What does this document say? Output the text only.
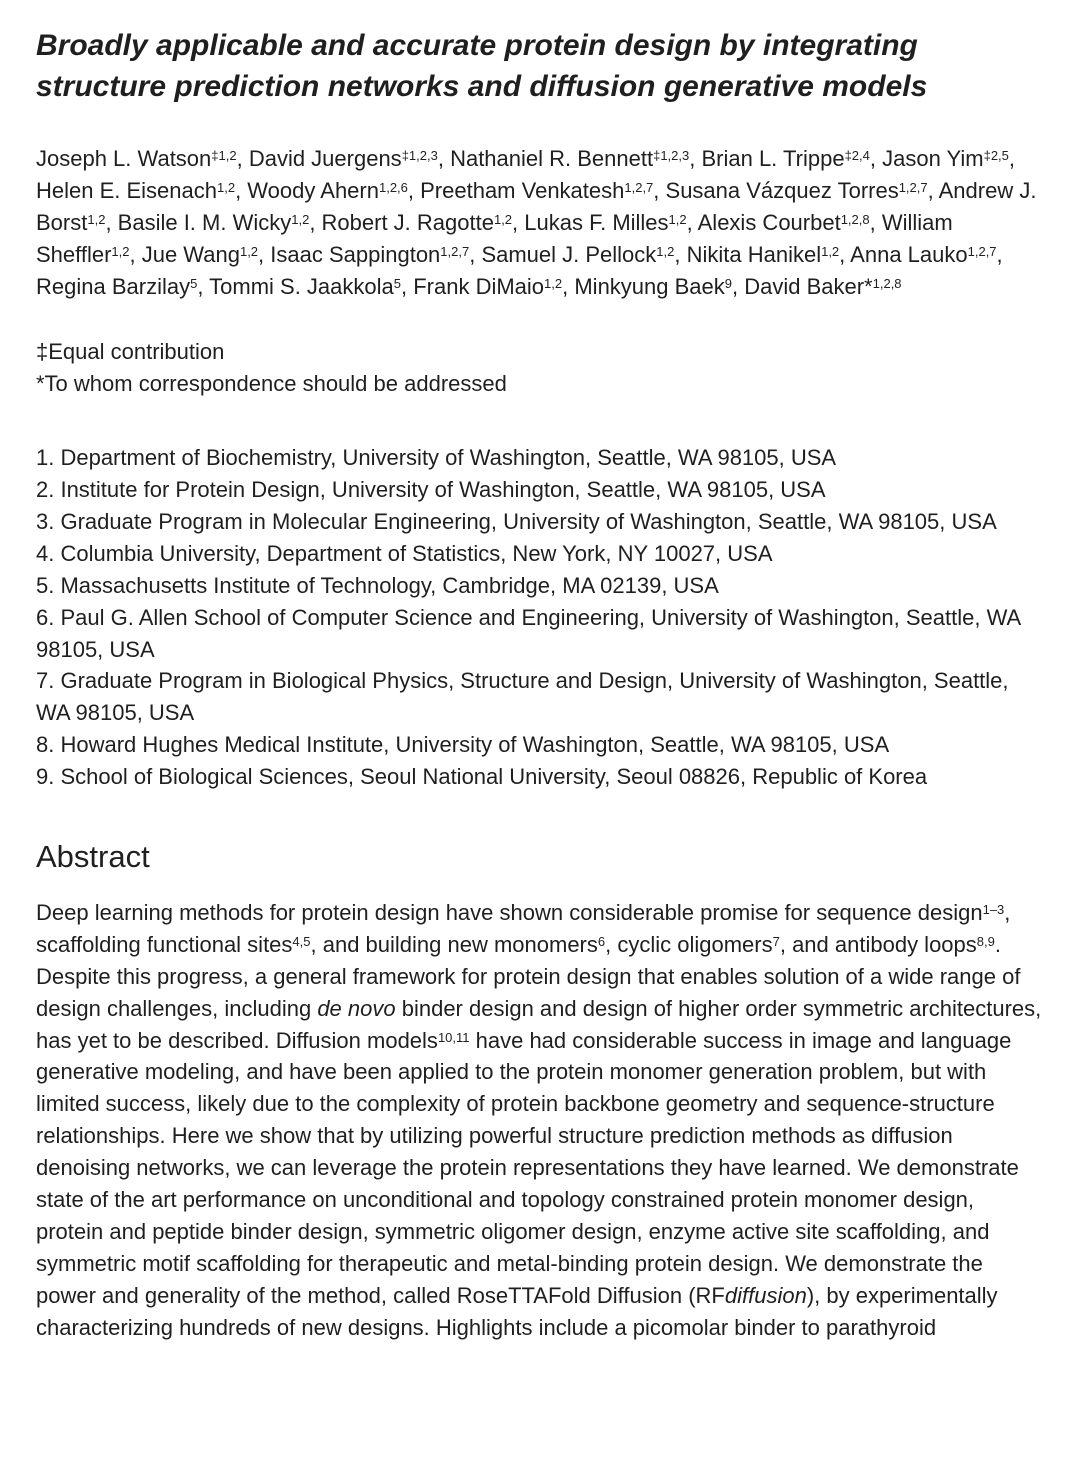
Broadly applicable and accurate protein design by integrating structure prediction networks and diffusion generative models

Joseph L. Watson$^{\ddagger 1,2}$, David Juergens$^{\ddagger 1,2,3}$, Nathaniel R. Bennett$^{\ddagger 1,2,3}$, Brian L. Trippe$^{\ddagger 2,4}$, Jason Yim$^{\ddagger 2,5}$, Helen E. Eisenach$^{1,2}$, Woody Ahern$^{1,2,6}$, Preetham Venkatesh$^{1,2,7}$, Susana Vázquez Torres$^{1,2,7}$, Andrew J. Borst$^{1,2}$, Basile I. M. Wicky$^{1,2}$, Robert J. Ragotte$^{1,2}$, Lukas F. Milles$^{1,2}$, Alexis Courbet$^{1,2,8}$, William Sheffler$^{1,2}$, Jue Wang$^{1,2}$, Isaac Sappington$^{1,2,7}$, Samuel J. Pellock$^{1,2}$, Nikita Hanikel$^{1,2}$, Anna Lauko$^{1,2,7}$, Regina Barzilay$^5$, Tommi S. Jaakkola$^5$, Frank DiMaio$^{1,2}$, Minkyung Baek$^9$, David Baker*$^{1,2,8}$

‡Equal contribution

*To whom correspondence should be addressed

1. Department of Biochemistry, University of Washington, Seattle, WA 98105, USA

2. Institute for Protein Design, University of Washington, Seattle, WA 98105, USA

3. Graduate Program in Molecular Engineering, University of Washington, Seattle, WA 98105, USA

4. Columbia University, Department of Statistics, New York, NY 10027, USA

5. Massachusetts Institute of Technology, Cambridge, MA 02139, USA

6. Paul G. Allen School of Computer Science and Engineering, University of Washington, Seattle, WA 98105, USA

7. Graduate Program in Biological Physics, Structure and Design, University of Washington, Seattle, WA 98105, USA

8. Howard Hughes Medical Institute, University of Washington, Seattle, WA 98105, USA

9. School of Biological Sciences, Seoul National University, Seoul 08826, Republic of Korea

Abstract

Deep learning methods for protein design have shown considerable promise for sequence design$^{1-3}$, scaffolding functional sites$^{4,5}$, and building new monomers$^6$, cyclic oligomers$^7$, and antibody loops$^{8,9}$. Despite this progress, a general framework for protein design that enables solution of a wide range of design challenges, including de novo binder design and design of higher order symmetric architectures, has yet to be described. Diffusion models$^{10,11}$ have had considerable success in image and language generative modeling, and have been applied to the protein monomer generation problem, but with limited success, likely due to the complexity of protein backbone geometry and sequence-structure relationships. Here we show that by utilizing powerful structure prediction methods as diffusion denoising networks, we can leverage the protein representations they have learned. We demonstrate state of the art performance on unconditional and topology constrained protein monomer design, protein and peptide binder design, symmetric oligomer design, enzyme active site scaffolding, and symmetric motif scaffolding for therapeutic and metal-binding protein design. We demonstrate the power and generality of the method, called RoseTTAFold Diffusion (RFdiffusion), by experimentally characterizing hundreds of new designs. Highlights include a picomolar binder to parathyroid
